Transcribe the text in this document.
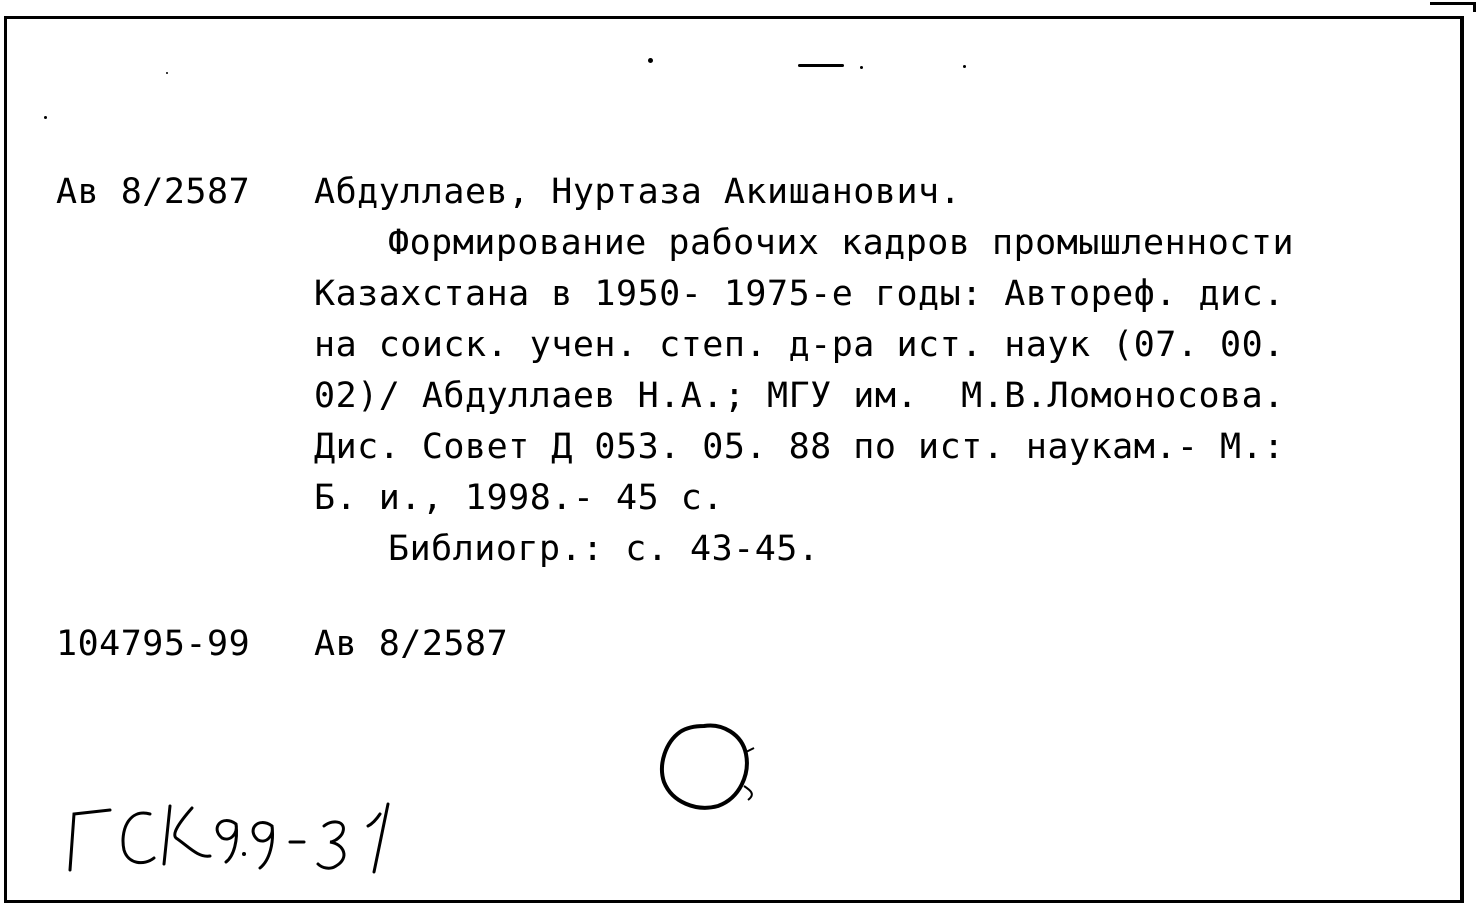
Ав 8/2587 Абдуллаев, Нуртаза Акишанович.
Формирование рабочих кадров промышленности
Казахстана в 1950- 1975-е годы: Автореф. дис.
на соиск. учен. степ. д-ра ист. наук (07. 00.
02)/ Абдуллаев Н.А.; МГУ им.  М.В.Ломоносова.
Дис. Совет Д 053. 05. 88 по ист. наукам.- М.:
Б. и., 1998.- 45 с.
Библиогр.: с. 43-45.
104795-99 Ав 8/2587
